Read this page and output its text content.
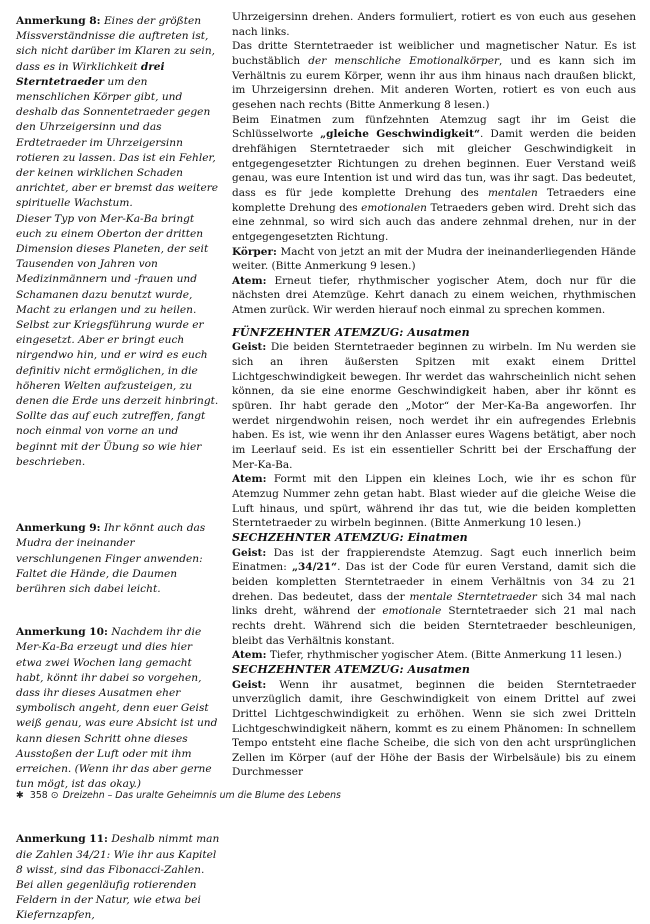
Anmerkung 8: Eines der größten Missverständnisse die auftreten ist, sich nicht darüber im Klaren zu sein, dass es in Wirklichkeit drei Sterntetraeder um den menschlichen Körper gibt, und deshalb das Sonnentetraeder gegen den Uhrzeigersinn und das Erdtetraeder im Uhrzeigersinn rotieren zu lassen. Das ist ein Fehler, der keinen wirklichen Schaden anrichtet, aber er bremst das weitere spirituelle Wachstum.

Dieser Typ von Mer-Ka-Ba bringt euch zu einem Oberton der dritten Dimension dieses Planeten, der seit Tausenden von Jahren von Medizinmännern und -frauen und Schamanen dazu benutzt wurde, Macht zu erlangen und zu heilen. Selbst zur Kriegsführung wurde er eingesetzt. Aber er bringt euch nirgendwo hin, und er wird es euch definitiv nicht ermöglichen, in die höheren Welten aufzusteigen, zu denen die Erde uns derzeit hinbringt. Sollte das auf euch zutreffen, fangt noch einmal von vorne an und beginnt mit der Übung so wie hier beschrieben.

Anmerkung 9: Ihr könnt auch das Mudra der ineinander verschlungenen Finger anwenden: Faltet die Hände, die Daumen berühren sich dabei leicht.

Anmerkung 10: Nachdem ihr die Mer-Ka-Ba erzeugt und dies hier etwa zwei Wochen lang gemacht habt, könnt ihr dabei so vorgehen, dass ihr dieses Ausatmen eher symbolisch angeht, denn euer Geist weiß genau, was eure Absicht ist und kann diesen Schritt ohne dieses Ausstoßen der Luft oder mit ihm erreichen. (Wenn ihr das aber gerne tun mögt, ist das okay.)

Anmerkung 11: Deshalb nimmt man die Zahlen 34/21: Wie ihr aus Kapitel 8 wisst, sind das Fibonacci-Zahlen. Bei allen gegenläufig rotierenden Feldern in der Natur, wie etwa bei Kiefernzapfen,

Uhrzeigersinn drehen. Anders formuliert, rotiert es von euch aus gesehen nach links.

Das dritte Sterntetraeder ist weiblicher und magnetischer Natur. Es ist buchstäblich der menschliche Emotionalkörper, und es kann sich im Verhältnis zu eurem Körper, wenn ihr aus ihm hinaus nach draußen blickt, im Uhrzeigersinn drehen. Mit anderen Worten, rotiert es von euch aus gesehen nach rechts (Bitte Anmerkung 8 lesen.)

Beim Einatmen zum fünfzehnten Atemzug sagt ihr im Geist die Schlüsselworte „gleiche Geschwindigkeit“. Damit werden die beiden drehfähigen Sterntetraeder sich mit gleicher Geschwindigkeit in entgegengesetzter Richtungen zu drehen beginnen. Euer Verstand weiß genau, was eure Intention ist und wird das tun, was ihr sagt. Das bedeutet, dass es für jede komplette Drehung des mentalen Tetraeders eine komplette Drehung des emotionalen Tetraeders geben wird. Dreht sich das eine zehnmal, so wird sich auch das andere zehnmal drehen, nur in der entgegengesetzten Richtung.

Körper: Macht von jetzt an mit der Mudra der ineinanderliegenden Hände weiter. (Bitte Anmerkung 9 lesen.)

Atem: Erneut tiefer, rhythmischer yogischer Atem, doch nur für die nächsten drei Atemzüge. Kehrt danach zu einem weichen, rhythmischen Atmen zurück. Wir werden hierauf noch einmal zu sprechen kommen.

FÜNFZEHNTER ATEMZUG: Ausatmen

Geist: Die beiden Sterntetraeder beginnen zu wirbeln. Im Nu werden sie sich an ihren äußersten Spitzen mit exakt einem Drittel Lichtgeschwindigkeit bewegen. Ihr werdet das wahrscheinlich nicht sehen können, da sie eine enorme Geschwindigkeit haben, aber ihr könnt es spüren. Ihr habt gerade den „Motor“ der Mer-Ka-Ba angeworfen. Ihr werdet nirgendwohin reisen, noch werdet ihr ein aufregendes Erlebnis haben. Es ist, wie wenn ihr den Anlasser eures Wagens betätigt, aber noch im Leerlauf seid. Es ist ein essentieller Schritt bei der Erschaffung der Mer-Ka-Ba.

Atem: Formt mit den Lippen ein kleines Loch, wie ihr es schon für Atemzug Nummer zehn getan habt. Blast wieder auf die gleiche Weise die Luft hinaus, und spürt, während ihr das tut, wie die beiden kompletten Sterntetraeder zu wirbeln beginnen. (Bitte Anmerkung 10 lesen.)

SECHZEHNTER ATEMZUG: Einatmen

Geist: Das ist der frappierendste Atemzug. Sagt euch innerlich beim Einatmen: „34/21“. Das ist der Code für euren Verstand, damit sich die beiden kompletten Sterntetraeder in einem Verhältnis von 34 zu 21 drehen. Das bedeutet, dass der mentale Sterntetraeder sich 34 mal nach links dreht, während der emotionale Sterntetraeder sich 21 mal nach rechts dreht. Während sich die beiden Sterntetraeder beschleunigen, bleibt das Verhältnis konstant.

Atem: Tiefer, rhythmischer yogischer Atem. (Bitte Anmerkung 11 lesen.)

SECHZEHNTER ATEMZUG: Ausatmen

Geist: Wenn ihr ausatmet, beginnen die beiden Sterntetraeder unverzüglich damit, ihre Geschwindigkeit von einem Drittel auf zwei Drittel Lichtgeschwindigkeit zu erhöhen. Wenn sie sich zwei Dritteln Lichtgeschwindigkeit nähern, kommt es zu einem Phänomen: In schnellem Tempo entsteht eine flache Scheibe, die sich von den acht ursprünglichen Zellen im Körper (auf der Höhe der Basis der Wirbelsäule) bis zu einem Durchmesser

✱ 358 ⊙ Dreizehn – Das uralte Geheimnis um die Blume des Lebens
